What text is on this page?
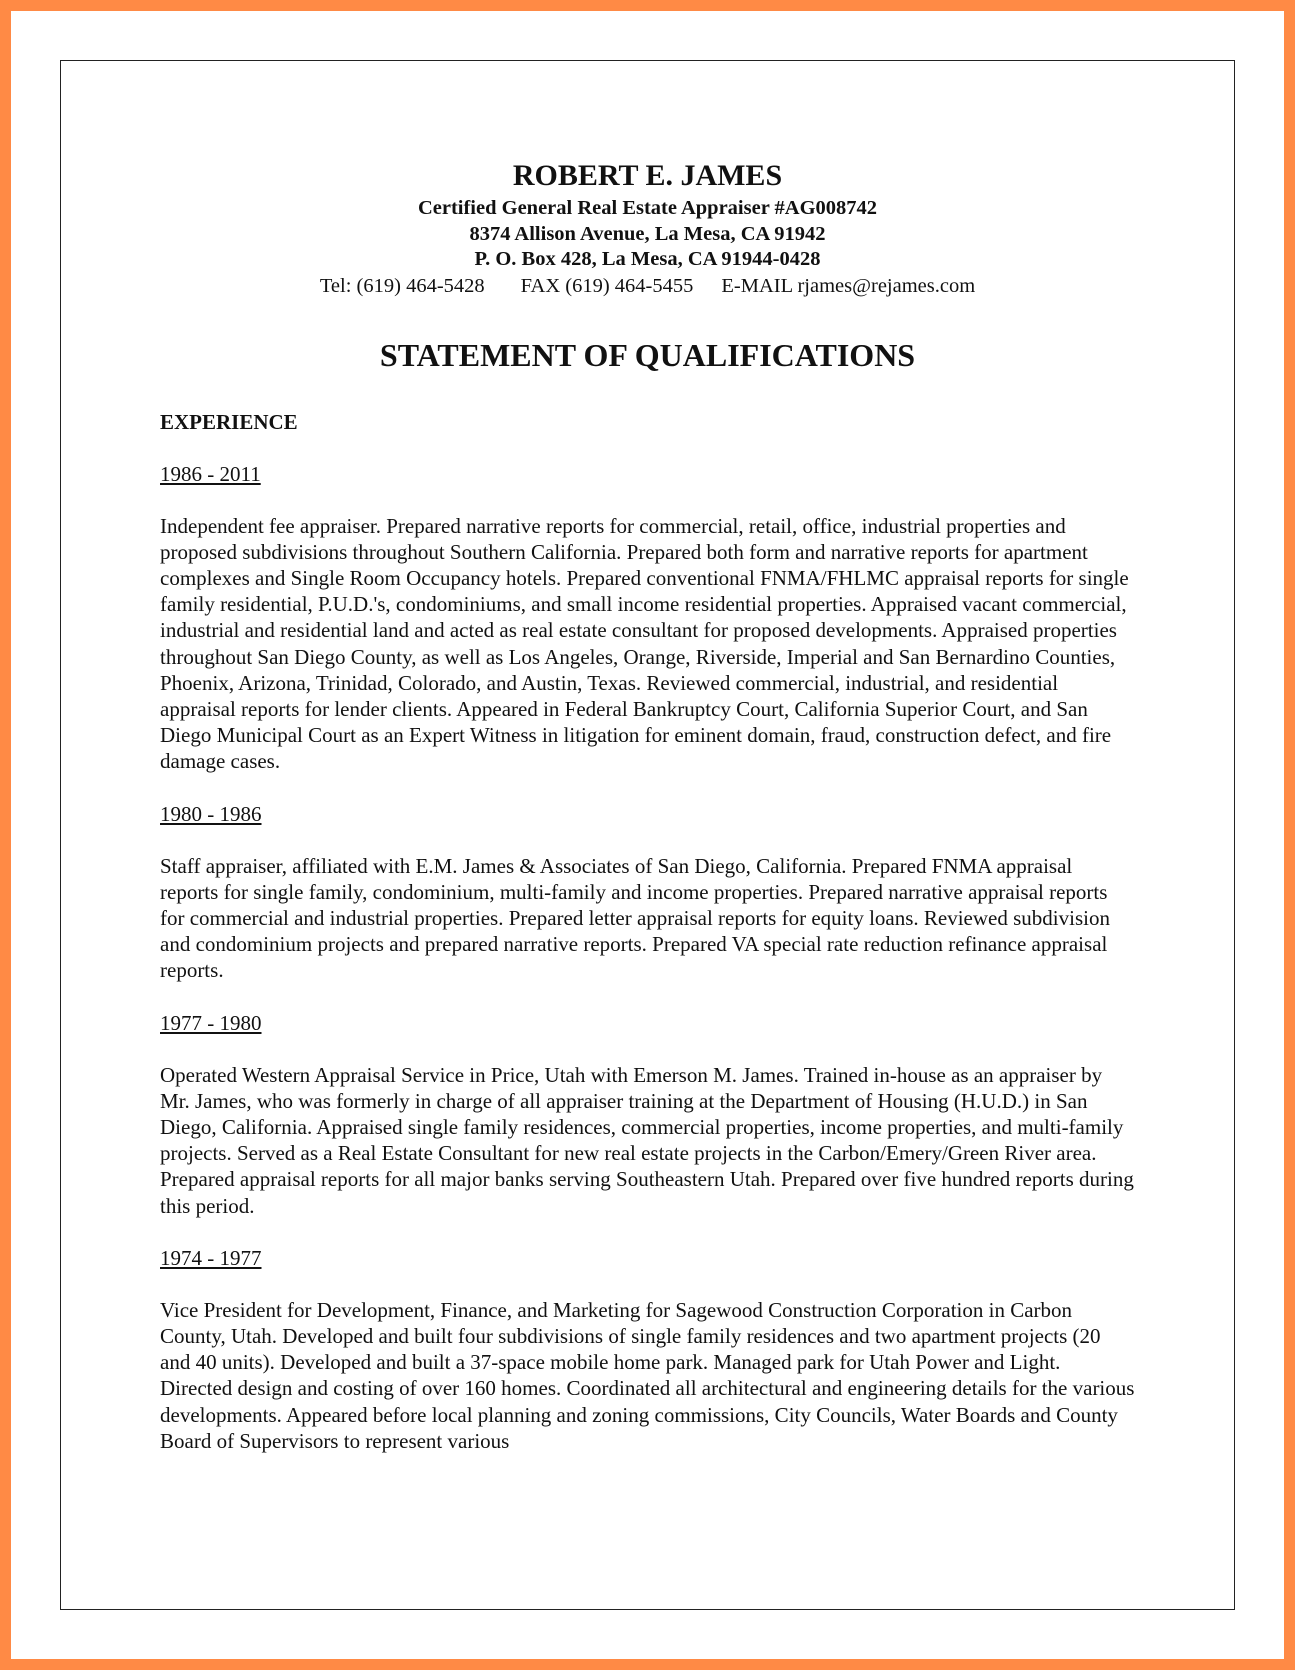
ROBERT E. JAMES
Certified General Real Estate Appraiser #AG008742
8374 Allison Avenue, La Mesa, CA 91942
P. O. Box 428, La Mesa, CA 91944-0428
Tel: (619) 464-5428 FAX (619) 464-5455 E-MAIL rjames@rejames.com
STATEMENT OF QUALIFICATIONS
EXPERIENCE
1986 - 2011
Independent fee appraiser. Prepared narrative reports for commercial, retail, office, industrial properties and proposed subdivisions throughout Southern California. Prepared both form and narrative reports for apartment complexes and Single Room Occupancy hotels. Prepared conventional FNMA/FHLMC appraisal reports for single family residential, P.U.D.'s, condominiums, and small income residential properties. Appraised vacant commercial, industrial and residential land and acted as real estate consultant for proposed developments. Appraised properties throughout San Diego County, as well as Los Angeles, Orange, Riverside, Imperial and San Bernardino Counties, Phoenix, Arizona, Trinidad, Colorado, and Austin, Texas. Reviewed commercial, industrial, and residential appraisal reports for lender clients. Appeared in Federal Bankruptcy Court, California Superior Court, and San Diego Municipal Court as an Expert Witness in litigation for eminent domain, fraud, construction defect, and fire damage cases.
1980 - 1986
Staff appraiser, affiliated with E.M. James & Associates of San Diego, California. Prepared FNMA appraisal reports for single family, condominium, multi-family and income properties. Prepared narrative appraisal reports for commercial and industrial properties. Prepared letter appraisal reports for equity loans. Reviewed subdivision and condominium projects and prepared narrative reports. Prepared VA special rate reduction refinance appraisal reports.
1977 - 1980
Operated Western Appraisal Service in Price, Utah with Emerson M. James. Trained in-house as an appraiser by Mr. James, who was formerly in charge of all appraiser training at the Department of Housing (H.U.D.) in San Diego, California. Appraised single family residences, commercial properties, income properties, and multi-family projects. Served as a Real Estate Consultant for new real estate projects in the Carbon/Emery/Green River area. Prepared appraisal reports for all major banks serving Southeastern Utah. Prepared over five hundred reports during this period.
1974 - 1977
Vice President for Development, Finance, and Marketing for Sagewood Construction Corporation in Carbon County, Utah. Developed and built four subdivisions of single family residences and two apartment projects (20 and 40 units). Developed and built a 37-space mobile home park. Managed park for Utah Power and Light. Directed design and costing of over 160 homes. Coordinated all architectural and engineering details for the various developments. Appeared before local planning and zoning commissions, City Councils, Water Boards and County Board of Supervisors to represent various
